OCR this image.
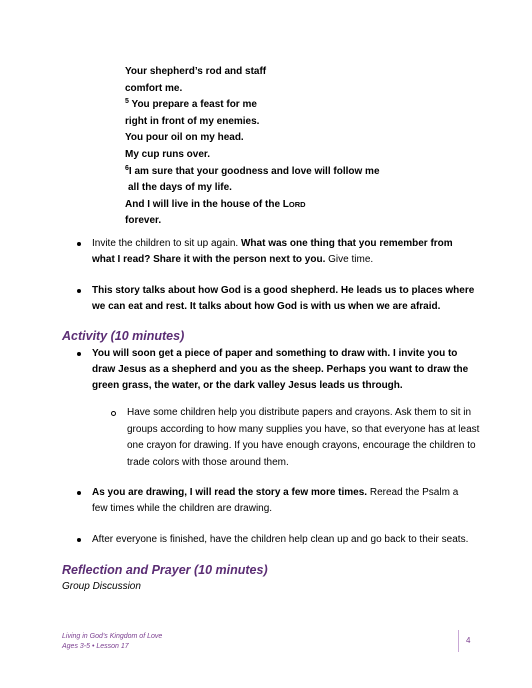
Your shepherd’s rod and staff
comfort me.
$^5$ You prepare a feast for me
right in front of my enemies.
You pour oil on my head.
My cup runs over.
$^6$I am sure that your goodness and love will follow me
all the days of my life.
And I will live in the house of the LORD
forever.
Invite the children to sit up again. What was one thing that you remember from what I read? Share it with the person next to you. Give time.
This story talks about how God is a good shepherd. He leads us to places where we can eat and rest. It talks about how God is with us when we are afraid.
Activity (10 minutes)
You will soon get a piece of paper and something to draw with. I invite you to draw Jesus as a shepherd and you as the sheep. Perhaps you want to draw the green grass, the water, or the dark valley Jesus leads us through.
Have some children help you distribute papers and crayons. Ask them to sit in groups according to how many supplies you have, so that everyone has at least one crayon for drawing. If you have enough crayons, encourage the children to trade colors with those around them.
As you are drawing, I will read the story a few more times. Reread the Psalm a few times while the children are drawing.
After everyone is finished, have the children help clean up and go back to their seats.
Reflection and Prayer (10 minutes)
Group Discussion
Living in God’s Kingdom of Love
Ages 3-5 • Lesson 17
4
